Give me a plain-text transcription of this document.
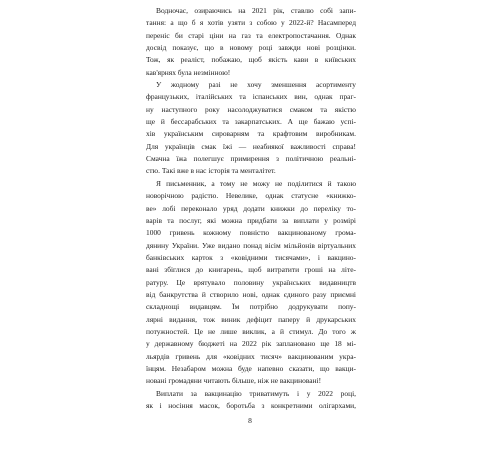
Водночас, озираючись на 2021 рік, ставлю собі запи-
тання: а що б я хотів узяти з собою у 2022-й? Насамперед
переніс би старі ціни на газ та електропостачання. Однак
досвід показує, що в новому році завжди нові розцінки.
Тож, як реаліст, побажаю, щоб якість кави в київських
кав'ярнях була незмінною!
У жодному разі не хочу зменшення асортименту
французьких, італійських та іспанських вин, однак праг-
ну наступного року насолоджуватися смаком та якістю
ще й бессарабських та закарпатських. А ще бажаю успі-
хів українським сироварням та крафтовим виробникам.
Для українців смак їжі — неабиякої важливості справа!
Смачна їжа полегшує примирення з політичною реальні-
стю. Такі вже в нас історія та менталітет.
Я письменник, а тому не можу не поділитися й такою
новорічною радістю. Невелике, однак статусне «книжко-
ве» лобі переконало уряд додати книжки до переліку то-
варів та послуг, які можна придбати за виплати у розмірі
1000 гривень кожному повністю вакцинованому грома-
дянину України. Уже видано понад вісім мільйонів віртуальних
банківських карток з «ковідними тисячами», і вакцино-
вані збіглися до книгарень, щоб витратити гроші на літе-
ратуру. Це врятувало половину українських видавництв
від банкрутства й створило нові, однак єдиного разу приємні
складнощі видавцям. Їм потрібно додрукувати попу-
лярні видання, тож виник дефіцит паперу й друкарських
потужностей. Це не лише виклик, а й стимул. До того ж
у державному бюджеті на 2022 рік заплановано ще 18 мі-
льярдів гривень для «ковідних тисяч» вакцинованим укра-
їнцям. Незабаром можна буде напевно сказати, що вакци-
новані громадяни читають більше, ніж не вакциновані!
Виплати за вакцинацію триватимуть і у 2022 році,
як і носіння масок, боротьба з конкретними олігархами,
8
